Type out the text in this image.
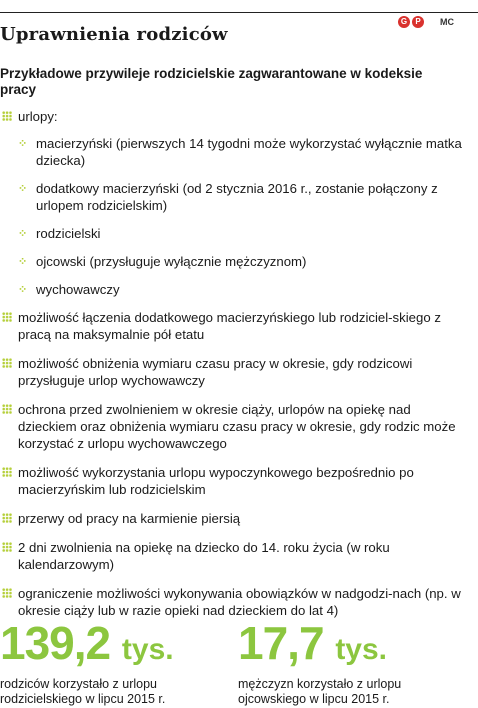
G	P	MC
Uprawnienia rodziców
Przykładowe przywileje rodzicielskie zagwarantowane w kodeksie pracy
urlopy:
⁘ macierzyński (pierwszych 14 tygodni może wykorzystać wyłącznie matka dziecka)
⁘ dodatkowy macierzyński (od 2 stycznia 2016 r., zostanie połączony z urlopem rodzicielskim)
⁘ rodzicielski
⁘ ojcowski (przysługuje wyłącznie mężczyznom)
⁘ wychowawczy
możliwość łączenia dodatkowego macierzyńskiego lub rodziciel-skiego z pracą na maksymalnie pół etatu
możliwość obniżenia wymiaru czasu pracy w okresie, gdy rodzicowi przysługuje urlop wychowawczy
ochrona przed zwolnieniem w okresie ciąży, urlopów na opiekę nad dzieckiem oraz obniżenia wymiaru czasu pracy w okresie, gdy rodzic może korzystać z urlopu wychowawczego
możliwość wykorzystania urlopu wypoczynkowego bezpośrednio po macierzyńskim lub rodzicielskim
przerwy od pracy na karmienie piersią
2 dni zwolnienia na opiekę na dziecko do 14. roku życia (w roku kalendarzowym)
ograniczenie możliwości wykonywania obowiązków w nadgodzi-nach (np. w okresie ciąży lub w razie opieki nad dzieckiem do lat 4)
139,2 tys.
rodziców korzystało z urlopu
rodzicielskiego w lipcu 2015 r.
17,7 tys.
mężczyzn korzystało z urlopu
ojcowskiego w lipcu 2015 r.
